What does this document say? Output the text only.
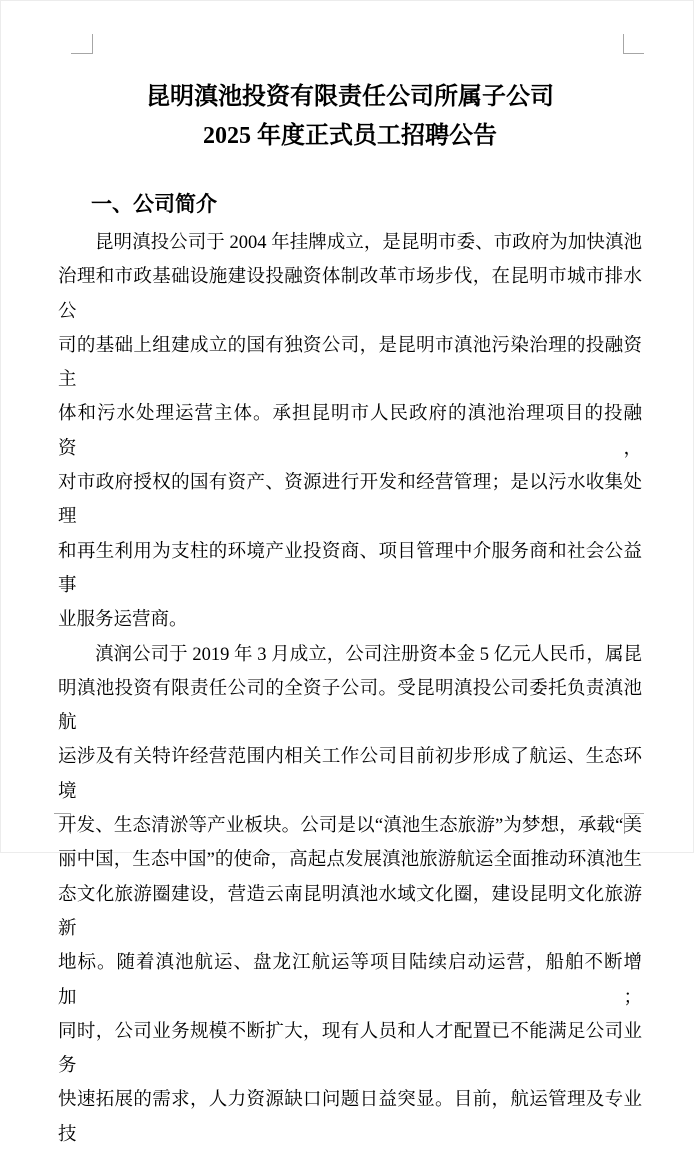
昆明滇池投资有限责任公司所属子公司
2025 年度正式员工招聘公告
一、公司简介
昆明滇投公司于 2004 年挂牌成立，是昆明市委、市政府为加快滇池
治理和市政基础设施建设投融资体制改革市场步伐，在昆明市城市排水公
司的基础上组建成立的国有独资公司，是昆明市滇池污染治理的投融资主
体和污水处理运营主体。承担昆明市人民政府的滇池治理项目的投融资，
对市政府授权的国有资产、资源进行开发和经营管理；是以污水收集处理
和再生利用为支柱的环境产业投资商、项目管理中介服务商和社会公益事
业服务运营商。
滇润公司于 2019 年 3 月成立，公司注册资本金 5 亿元人民币，属昆
明滇池投资有限责任公司的全资子公司。受昆明滇投公司委托负责滇池航
运涉及有关特许经营范围内相关工作公司目前初步形成了航运、生态环境
开发、生态清淤等产业板块。公司是以“滇池生态旅游”为梦想，承载“美
丽中国，生态中国”的使命，高起点发展滇池旅游航运全面推动环滇池生
态文化旅游圈建设，营造云南昆明滇池水域文化圈，建设昆明文化旅游新
地标。随着滇池航运、盘龙江航运等项目陆续启动运营，船舶不断增加；
同时，公司业务规模不断扩大，现有人员和人才配置已不能满足公司业务
快速拓展的需求，人力资源缺口问题日益突显。目前，航运管理及专业技
